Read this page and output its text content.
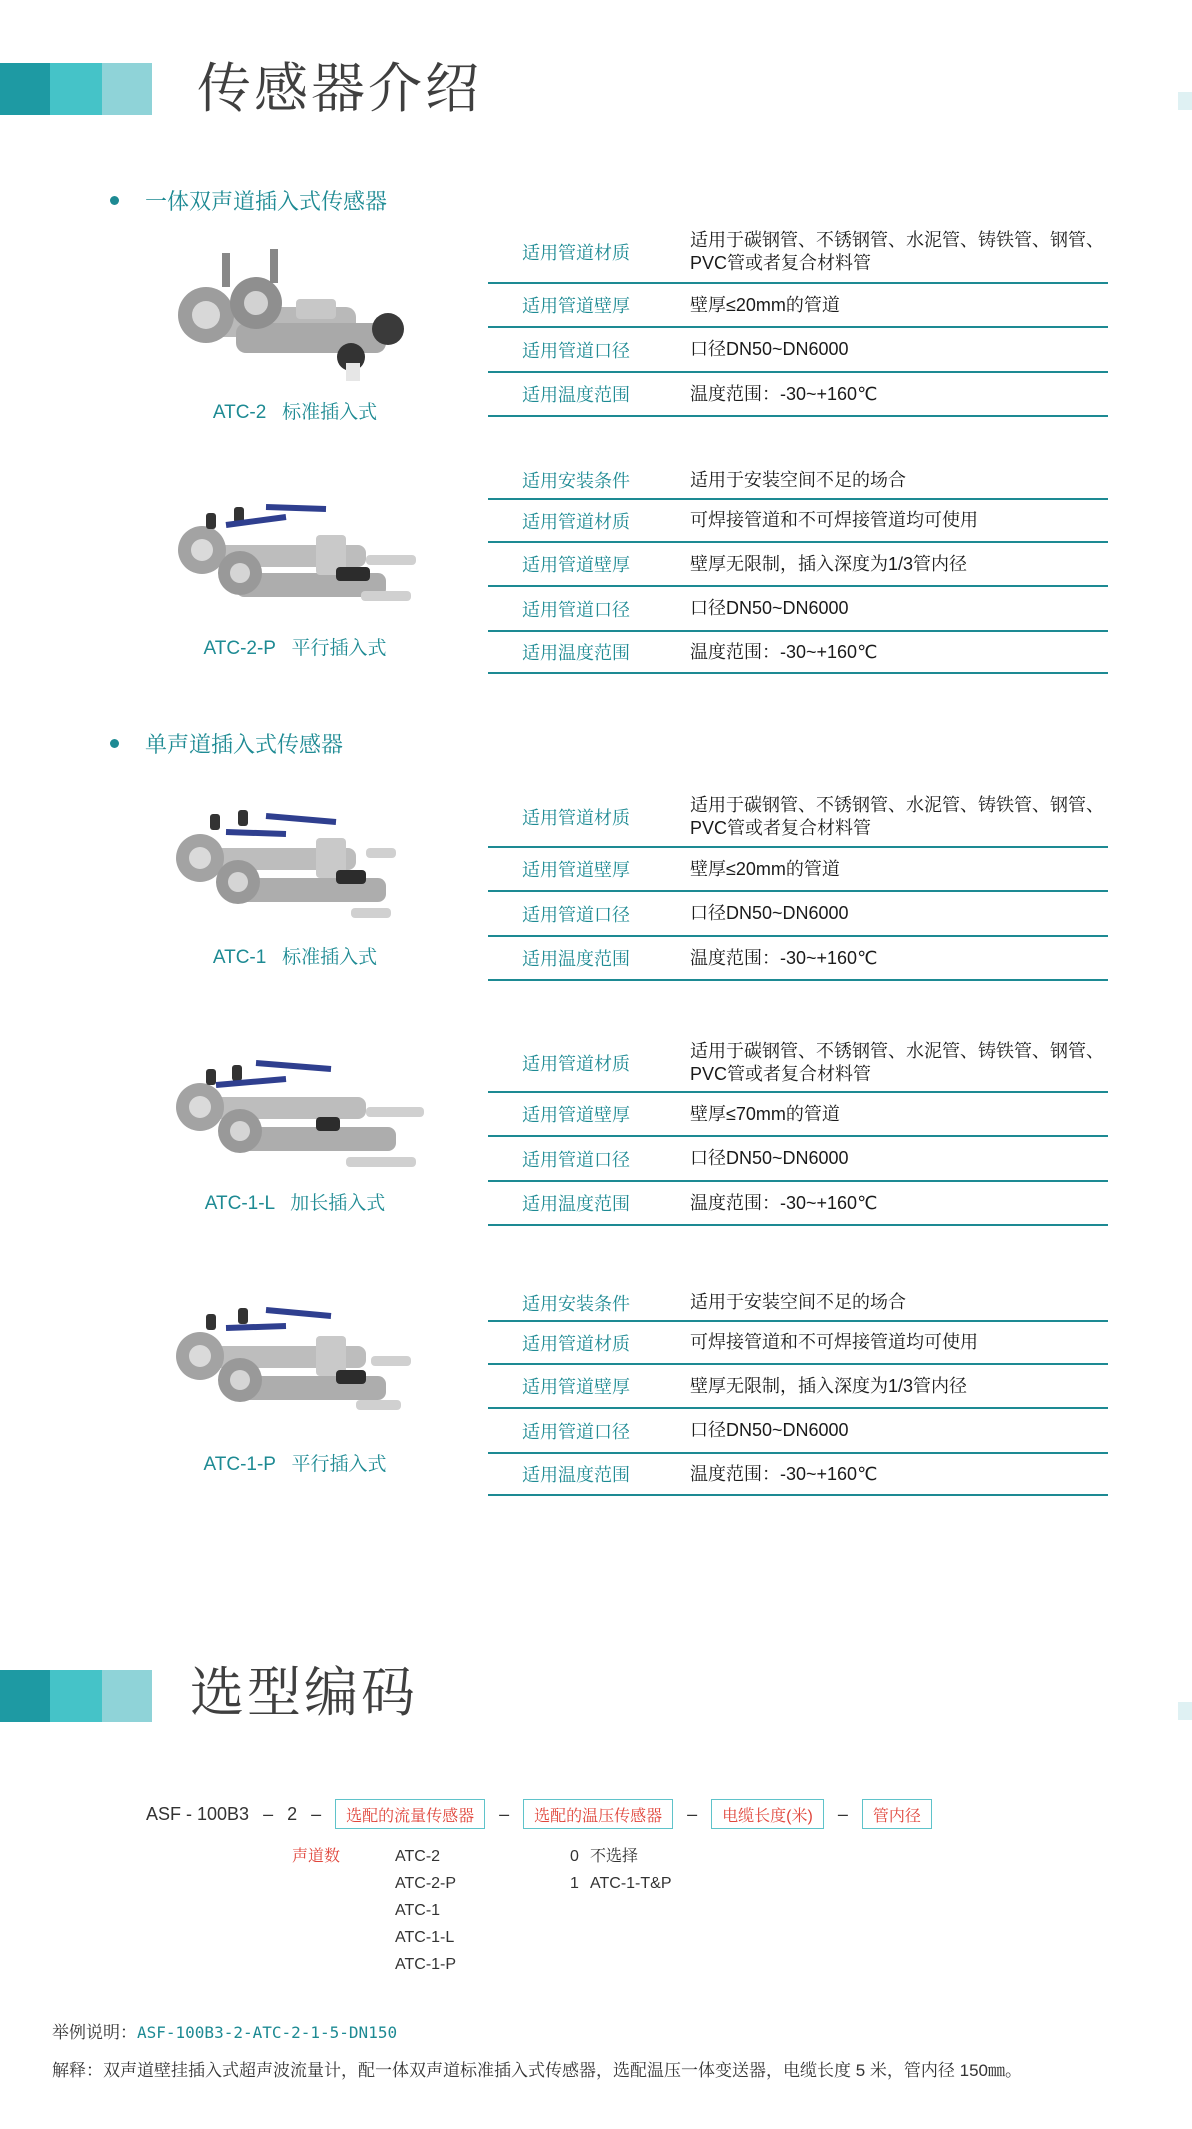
传感器介绍
一体双声道插入式传感器
ATC-2   标准插入式
适用管道材质
适用于碳钢管、不锈钢管、水泥管、铸铁管、钢管、PVC管或者复合材料管
适用管道壁厚	壁厚≤20mm的管道
适用管道口径	口径DN50~DN6000
适用温度范围	温度范围：-30~+160℃
ATC-2-P   平行插入式
适用安装条件	适用于安装空间不足的场合
适用管道材质	可焊接管道和不可焊接管道均可使用
适用管道壁厚	壁厚无限制，插入深度为1/3管内径
适用管道口径	口径DN50~DN6000
适用温度范围	温度范围：-30~+160℃
单声道插入式传感器
ATC-1   标准插入式
适用管道材质
适用于碳钢管、不锈钢管、水泥管、铸铁管、钢管、PVC管或者复合材料管
适用管道壁厚	壁厚≤20mm的管道
适用管道口径	口径DN50~DN6000
适用温度范围	温度范围：-30~+160℃
ATC-1-L   加长插入式
适用管道材质
适用于碳钢管、不锈钢管、水泥管、铸铁管、钢管、PVC管或者复合材料管
适用管道壁厚	壁厚≤70mm的管道
适用管道口径	口径DN50~DN6000
适用温度范围	温度范围：-30~+160℃
ATC-1-P   平行插入式
适用安装条件	适用于安装空间不足的场合
适用管道材质	可焊接管道和不可焊接管道均可使用
适用管道壁厚	壁厚无限制，插入深度为1/3管内径
适用管道口径	口径DN50~DN6000
适用温度范围	温度范围：-30~+160℃
选型编码
ASF - 100B3 – 2 –	选配的流量传感器	–	选配的温压传感器	–	电缆长度(米)	–	管内径
声道数	ATC-2
ATC-2-P
ATC-1
ATC-1-L
ATC-1-P
0 不选择
1 ATC-1-T&P
举例说明：ASF-100B3-2-ATC-2-1-5-DN150
解释：双声道壁挂插入式超声波流量计，配一体双声道标准插入式传感器，选配温压一体变送器，电缆长度 5 米，管内径 150㎜。
